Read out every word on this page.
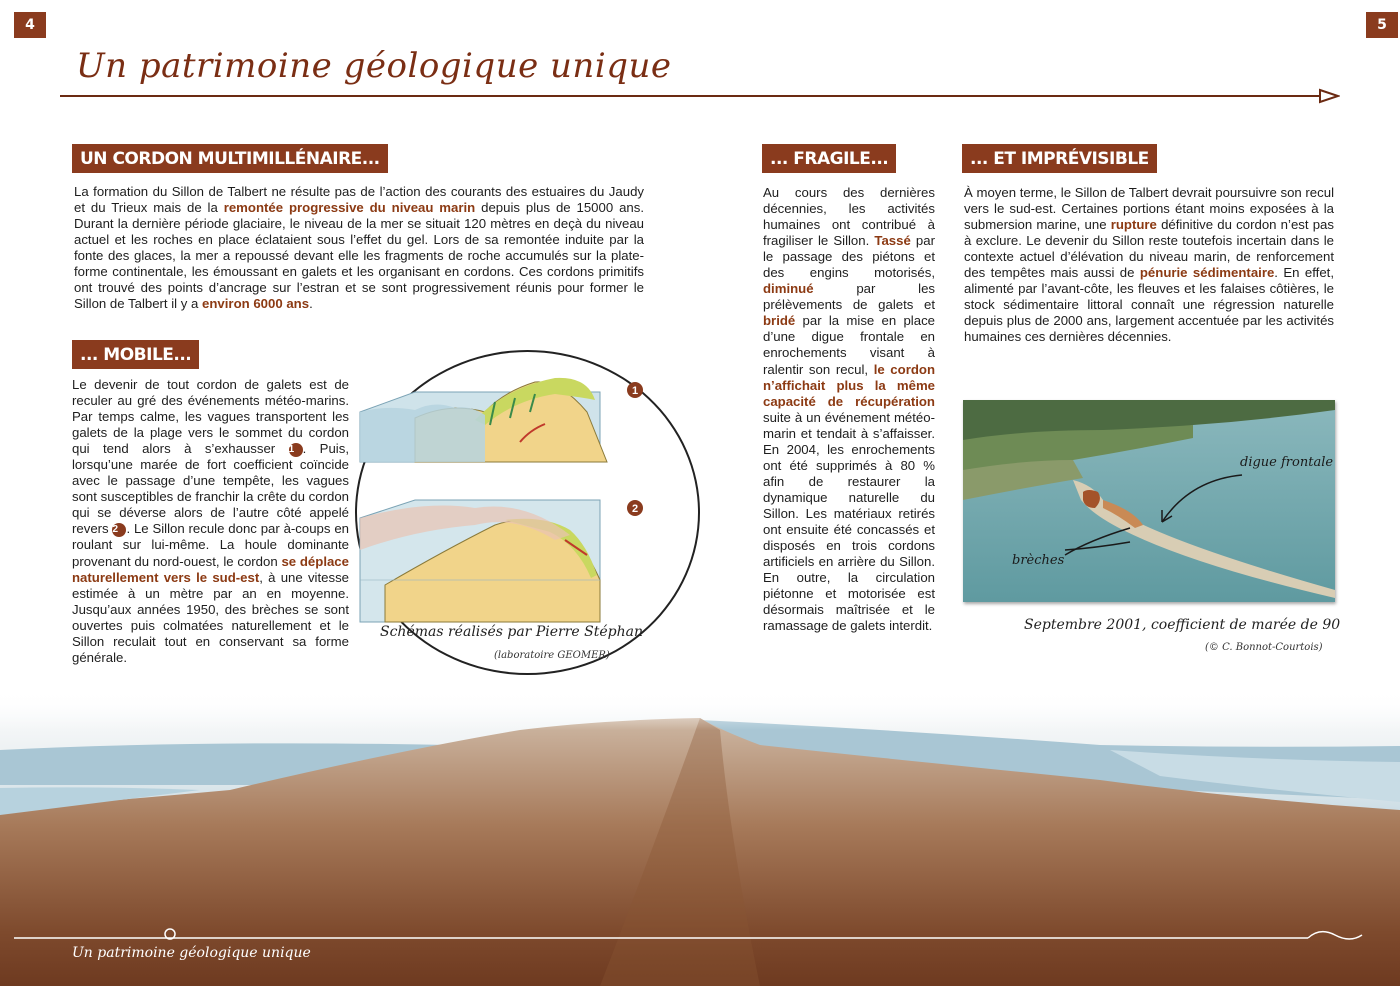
4	5
Un patrimoine géologique unique
UN CORDON MULTIMILLÉNAIRE...
La formation du Sillon de Talbert ne résulte pas de l’action des courants des estuaires du Jaudy et du Trieux mais de la remontée progressive du niveau marin depuis plus de 15000 ans. Durant la dernière période glaciaire, le niveau de la mer se situait 120 mètres en deçà du niveau actuel et les roches en place éclataient sous l’effet du gel. Lors de sa remontée induite par la fonte des glaces, la mer a repoussé devant elle les fragments de roche accumulés sur la plate-forme continentale, les émoussant en galets et les organisant en cordons. Ces cordons primitifs ont trouvé des points d’ancrage sur l’estran et se sont progressivement réunis pour former le Sillon de Talbert il y a environ 6000 ans.
... MOBILE...
Le devenir de tout cordon de galets est de reculer au gré des événements météo-marins. Par temps calme, les vagues transportent les galets de la plage vers le sommet du cordon qui tend alors à s’exhausser 1 . Puis, lorsqu’une marée de fort coefficient coïncide avec le passage d’une tempête, les vagues sont susceptibles de franchir la crête du cordon qui se déverse alors de l’autre côté appelé revers 2 . Le Sillon recule donc par à-coups en roulant sur lui-même. La houle dominante provenant du nord-ouest, le cordon se déplace naturellement vers le sud-est, à une vitesse estimée à un mètre par an en moyenne. Jusqu’aux années 1950, des brèches se sont ouvertes puis colmatées naturellement et le Sillon reculait tout en conservant sa forme générale.
1
2
Schémas réalisés par Pierre Stéphan
(laboratoire GEOMER)
... FRAGILE...
Au cours des dernières décennies, les activités humaines ont contribué à fragiliser le Sillon. Tassé par le passage des piétons et des engins motorisés, diminué par les prélèvements de galets et bridé par la mise en place d’une digue frontale en enrochements visant à ralentir son recul, le cordon n’affichait plus la même capacité de récupération suite à un événement météo-marin et tendait à s’affaisser. En 2004, les enrochements ont été supprimés à 80 % afin de restaurer la dynamique naturelle du Sillon. Les matériaux retirés ont ensuite été concassés et disposés en trois cordons artificiels en arrière du Sillon. En outre, la circulation piétonne et motorisée est désormais maîtrisée et le ramassage de galets interdit.
... ET IMPRÉVISIBLE
À moyen terme, le Sillon de Talbert devrait poursuivre son recul vers le sud-est. Certaines portions étant moins exposées à la submersion marine, une rupture définitive du cordon n’est pas à exclure. Le devenir du Sillon reste toutefois incertain dans le contexte actuel d’élévation du niveau marin, de renforcement des tempêtes mais aussi de pénurie sédimentaire. En effet, alimenté par l’avant-côte, les fleuves et les falaises côtières, le stock sédimentaire littoral connaît une régression naturelle depuis plus de 2000 ans, largement accentuée par les activités humaines ces dernières décennies.
digue frontale
brèches
Septembre 2001, coefficient de marée de 90
(© C. Bonnot-Courtois)
Un patrimoine géologique unique
